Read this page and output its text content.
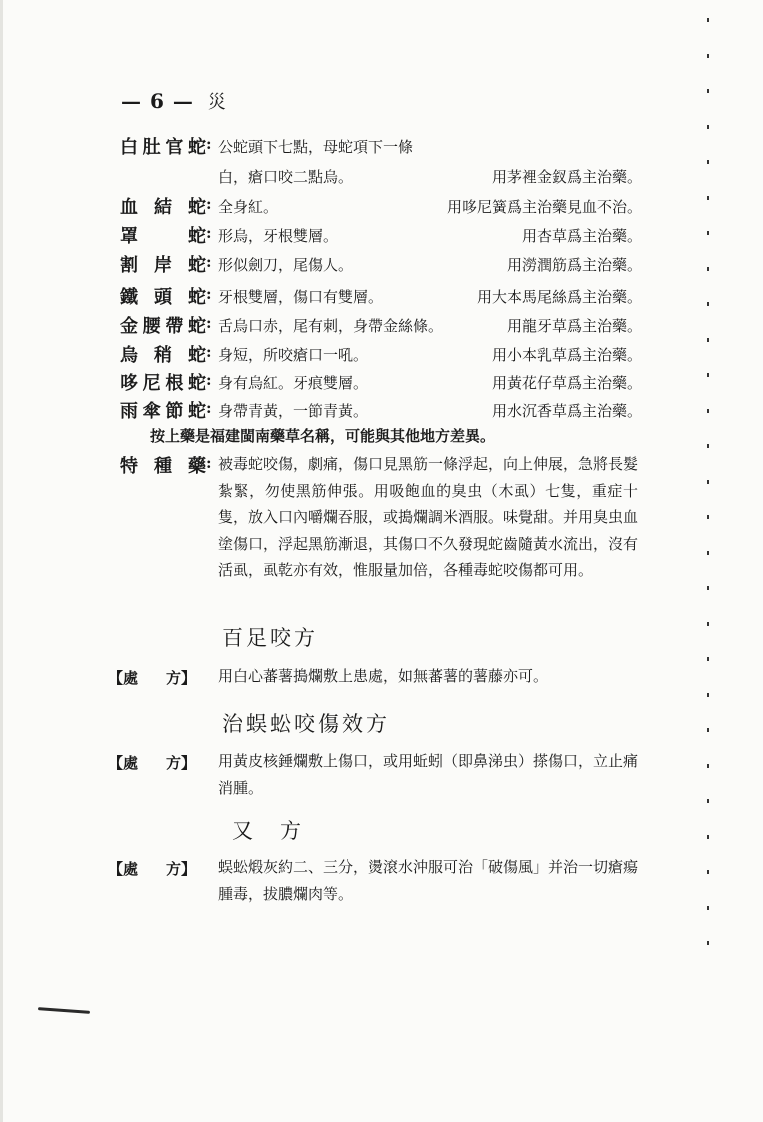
— 6 — 災
白肚官蛇 : 公蛇頭下七點，母蛇項下一條
白，瘡口咬二點烏。	用茅裡金釵爲主治藥。
血結蛇 : 全身紅。	用哆尼簧爲主治藥見血不治。
罩蛇 : 形烏，牙根雙層。	用杏草爲主治藥。
割岸蛇 : 形似劍刀，尾傷人。	用澇潤筋爲主治藥。
鐵頭蛇 : 牙根雙層，傷口有雙層。	用大本馬尾絲爲主治藥。
金腰帶蛇 : 舌烏口赤，尾有刺，身帶金絲條。	用龍牙草爲主治藥。
烏稍蛇 : 身短，所咬瘡口一吼。	用小本乳草爲主治藥。
哆尼根蛇 : 身有烏紅。牙痕雙層。	用黃花仔草爲主治藥。
雨傘節蛇 : 身帶青黃，一節青黃。	用水沉香草爲主治藥。
按上藥是福建閩南藥草名稱，可能與其他地方差異。
特種藥 : 被毒蛇咬傷，劇痛，傷口見黑筋一條浮起，向上伸展，急將長髮紮緊，勿使黑筋伸張。用吸飽血的臭虫（木虱）七隻，重症十隻，放入口內嚼爛吞服，或搗爛調米酒服。味覺甜。并用臭虫血塗傷口，浮起黑筋漸退，其傷口不久發現蛇齒隨黃水流出，沒有活虱，虱乾亦有效，惟服量加倍，各種毒蛇咬傷都可用。
百足咬方
【處 方】 用白心蕃薯搗爛敷上患處，如無蕃薯的薯藤亦可。
治蜈蚣咬傷效方
【處 方】 用黃皮核錘爛敷上傷口，或用蚯蚓（即鼻涕虫）搽傷口，立止痛消腫。
又　方
【處 方】 蜈蚣煅灰約二、三分，燙滾水沖服可治「破傷風」并治一切瘡瘍腫毒，拔膿爛肉等。
